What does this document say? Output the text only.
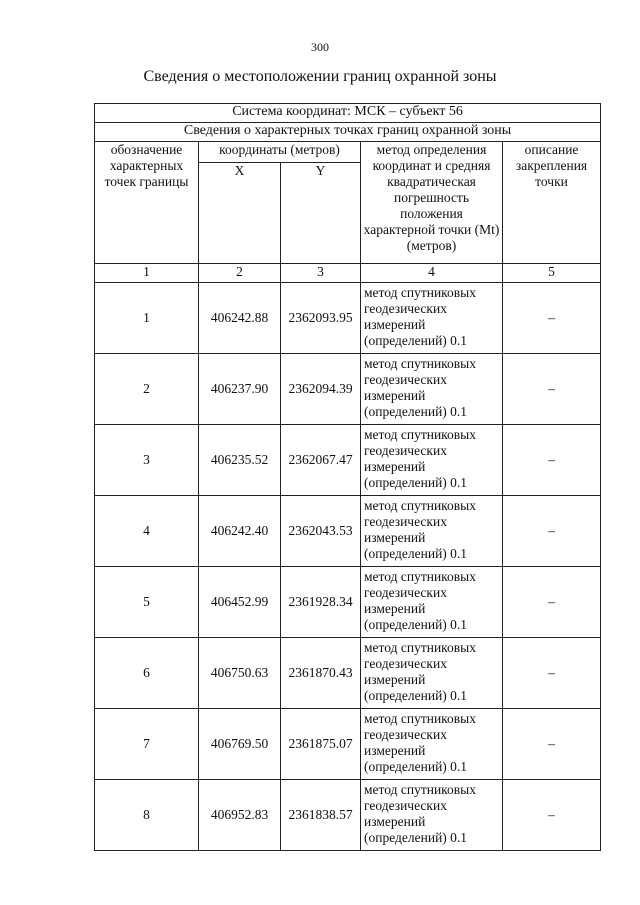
300
Сведения о местоположении границ охранной зоны
Система координат: МСК – субъект 56				
Сведения о характерных точках границ охранной зоны				
обозначение характерных точек границы	координаты (метров)		метод определения координат и средняя квадратическая погрешность положения характерной точки (Mt) (метров)	описание закрепления точки
	X	Y		
1	2	3	4	5
1	406242.88	2362093.95	метод спутниковых геодезических измерений (определений) 0.1	–
2	406237.90	2362094.39	метод спутниковых геодезических измерений (определений) 0.1	–
3	406235.52	2362067.47	метод спутниковых геодезических измерений (определений) 0.1	–
4	406242.40	2362043.53	метод спутниковых геодезических измерений (определений) 0.1	–
5	406452.99	2361928.34	метод спутниковых геодезических измерений (определений) 0.1	–
6	406750.63	2361870.43	метод спутниковых геодезических измерений (определений) 0.1	–
7	406769.50	2361875.07	метод спутниковых геодезических измерений (определений) 0.1	–
8	406952.83	2361838.57	метод спутниковых геодезических измерений (определений) 0.1	–
